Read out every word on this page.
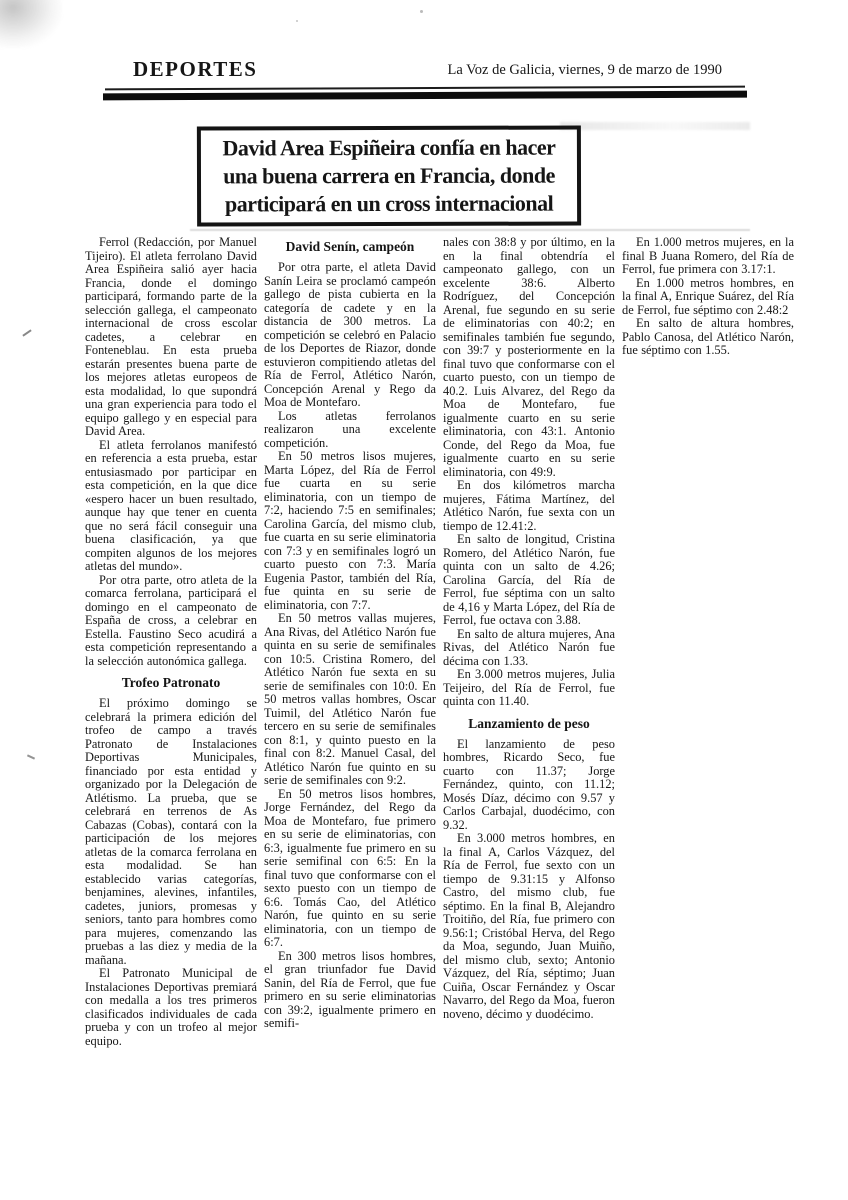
DEPORTES	La Voz de Galicia, viernes, 9 de marzo de 1990
David Area Espiñeira confía en hacer
una buena carrera en Francia, donde
participará en un cross internacional

Ferrol (Redacción, por Manuel Tijeiro). El atleta ferrolano David Area Espiñeira salió ayer hacia Francia, donde el domingo participará, formando parte de la selección gallega, el campeonato internacional de cross escolar cadetes, a celebrar en Fonteneblau. En esta prueba estarán presentes buena parte de los mejores atletas europeos de esta modalidad, lo que supondrá una gran experiencia para todo el equipo gallego y en especial para David Area.

El atleta ferrolanos manifestó en referencia a esta prueba, estar entusiasmado por participar en esta competición, en la que dice «espero hacer un buen resultado, aunque hay que tener en cuenta que no será fácil conseguir una buena clasificación, ya que compiten algunos de los mejores atletas del mundo».

Por otra parte, otro atleta de la comarca ferrolana, participará el domingo en el campeonato de España de cross, a celebrar en Estella. Faustino Seco acudirá a esta competición representando a la selección autonómica gallega.

Trofeo Patronato

El próximo domingo se celebrará la primera edición del trofeo de campo a través Patronato de Instalaciones Deportivas Municipales, financiado por esta entidad y organizado por la Delegación de Atlétismo. La prueba, que se celebrará en terrenos de As Cabazas (Cobas), contará con la participación de los mejores atletas de la comarca ferrolana en esta modalidad. Se han establecido varias categorías, benjamines, alevines, infantiles, cadetes, juniors, promesas y seniors, tanto para hombres como para mujeres, comenzando las pruebas a las diez y media de la mañana.

El Patronato Municipal de Instalaciones Deportivas premiará con medalla a los tres primeros clasificados individuales de cada prueba y con un trofeo al mejor equipo.

David Senín, campeón

Por otra parte, el atleta David Sanín Leira se proclamó campeón gallego de pista cubierta en la categoría de cadete y en la distancia de 300 metros. La competición se celebró en Palacio de los Deportes de Riazor, donde estuvieron compitiendo atletas del Ría de Ferrol, Atlético Narón, Concepción Arenal y Rego da Moa de Montefaro.

Los atletas ferrolanos realizaron una excelente competición.

En 50 metros lisos mujeres, Marta López, del Ría de Ferrol fue cuarta en su serie eliminatoria, con un tiempo de 7:2, haciendo 7:5 en semifinales; Carolina García, del mismo club, fue cuarta en su serie eliminatoria con 7:3 y en semifinales logró un cuarto puesto con 7:3. María Eugenia Pastor, también del Ría, fue quinta en su serie de eliminatoria, con 7:7.

En 50 metros vallas mujeres, Ana Rivas, del Atlético Narón fue quinta en su serie de semifinales con 10:5. Cristina Romero, del Atlético Narón fue sexta en su serie de semifinales con 10:0. En 50 metros vallas hombres, Oscar Tuimil, del Atlético Narón fue tercero en su serie de semifinales con 8:1, y quinto puesto en la final con 8:2. Manuel Casal, del Atlético Narón fue quinto en su serie de semifinales con 9:2.

En 50 metros lisos hombres, Jorge Fernández, del Rego da Moa de Montefaro, fue primero en su serie de eliminatorias, con 6:3, igualmente fue primero en su serie semifinal con 6:5: En la final tuvo que conformarse con el sexto puesto con un tiempo de 6:6. Tomás Cao, del Atlético Narón, fue quinto en su serie eliminatoria, con un tiempo de 6:7.

En 300 metros lisos hombres, el gran triunfador fue David Sanin, del Ría de Ferrol, que fue primero en su serie eliminatorias con 39:2, igualmente primero en semifi-

nales con 38:8 y por último, en la en la final obtendría el campeonato gallego, con un excelente 38:6. Alberto Rodríguez, del Concepción Arenal, fue segundo en su serie de eliminatorias con 40:2; en semifinales también fue segundo, con 39:7 y posteriormente en la final tuvo que conformarse con el cuarto puesto, con un tiempo de 40.2. Luis Alvarez, del Rego da Moa de Montefaro, fue igualmente cuarto en su serie eliminatoria, con 43:1. Antonio Conde, del Rego da Moa, fue igualmente cuarto en su serie eliminatoria, con 49:9.

En dos kilómetros marcha mujeres, Fátima Martínez, del Atlético Narón, fue sexta con un tiempo de 12.41:2.

En salto de longitud, Cristina Romero, del Atlético Narón, fue quinta con un salto de 4.26; Carolina García, del Ría de Ferrol, fue séptima con un salto de 4,16 y Marta López, del Ría de Ferrol, fue octava con 3.88.

En salto de altura mujeres, Ana Rivas, del Atlético Narón fue décima con 1.33.

En 3.000 metros mujeres, Julia Teijeiro, del Ría de Ferrol, fue quinta con 11.40.

Lanzamiento de peso

El lanzamiento de peso hombres, Ricardo Seco, fue cuarto con 11.37; Jorge Fernández, quinto, con 11.12; Mosés Díaz, décimo con 9.57 y Carlos Carbajal, duodécimo, con 9.32.

En 3.000 metros hombres, en la final A, Carlos Vázquez, del Ría de Ferrol, fue sexto con un tiempo de 9.31:15 y Alfonso Castro, del mismo club, fue séptimo. En la final B, Alejandro Troitiño, del Ría, fue primero con 9.56:1; Cristóbal Herva, del Rego da Moa, segundo, Juan Muiño, del mismo club, sexto; Antonio Vázquez, del Ría, séptimo; Juan Cuiña, Oscar Fernández y Oscar Navarro, del Rego da Moa, fueron noveno, décimo y duodécimo.

En 1.000 metros mujeres, en la final B Juana Romero, del Ría de Ferrol, fue primera con 3.17:1.

En 1.000 metros hombres, en la final A, Enrique Suárez, del Ría de Ferrol, fue séptimo con 2.48:2

En salto de altura hombres, Pablo Canosa, del Atlético Narón, fue séptimo con 1.55.
